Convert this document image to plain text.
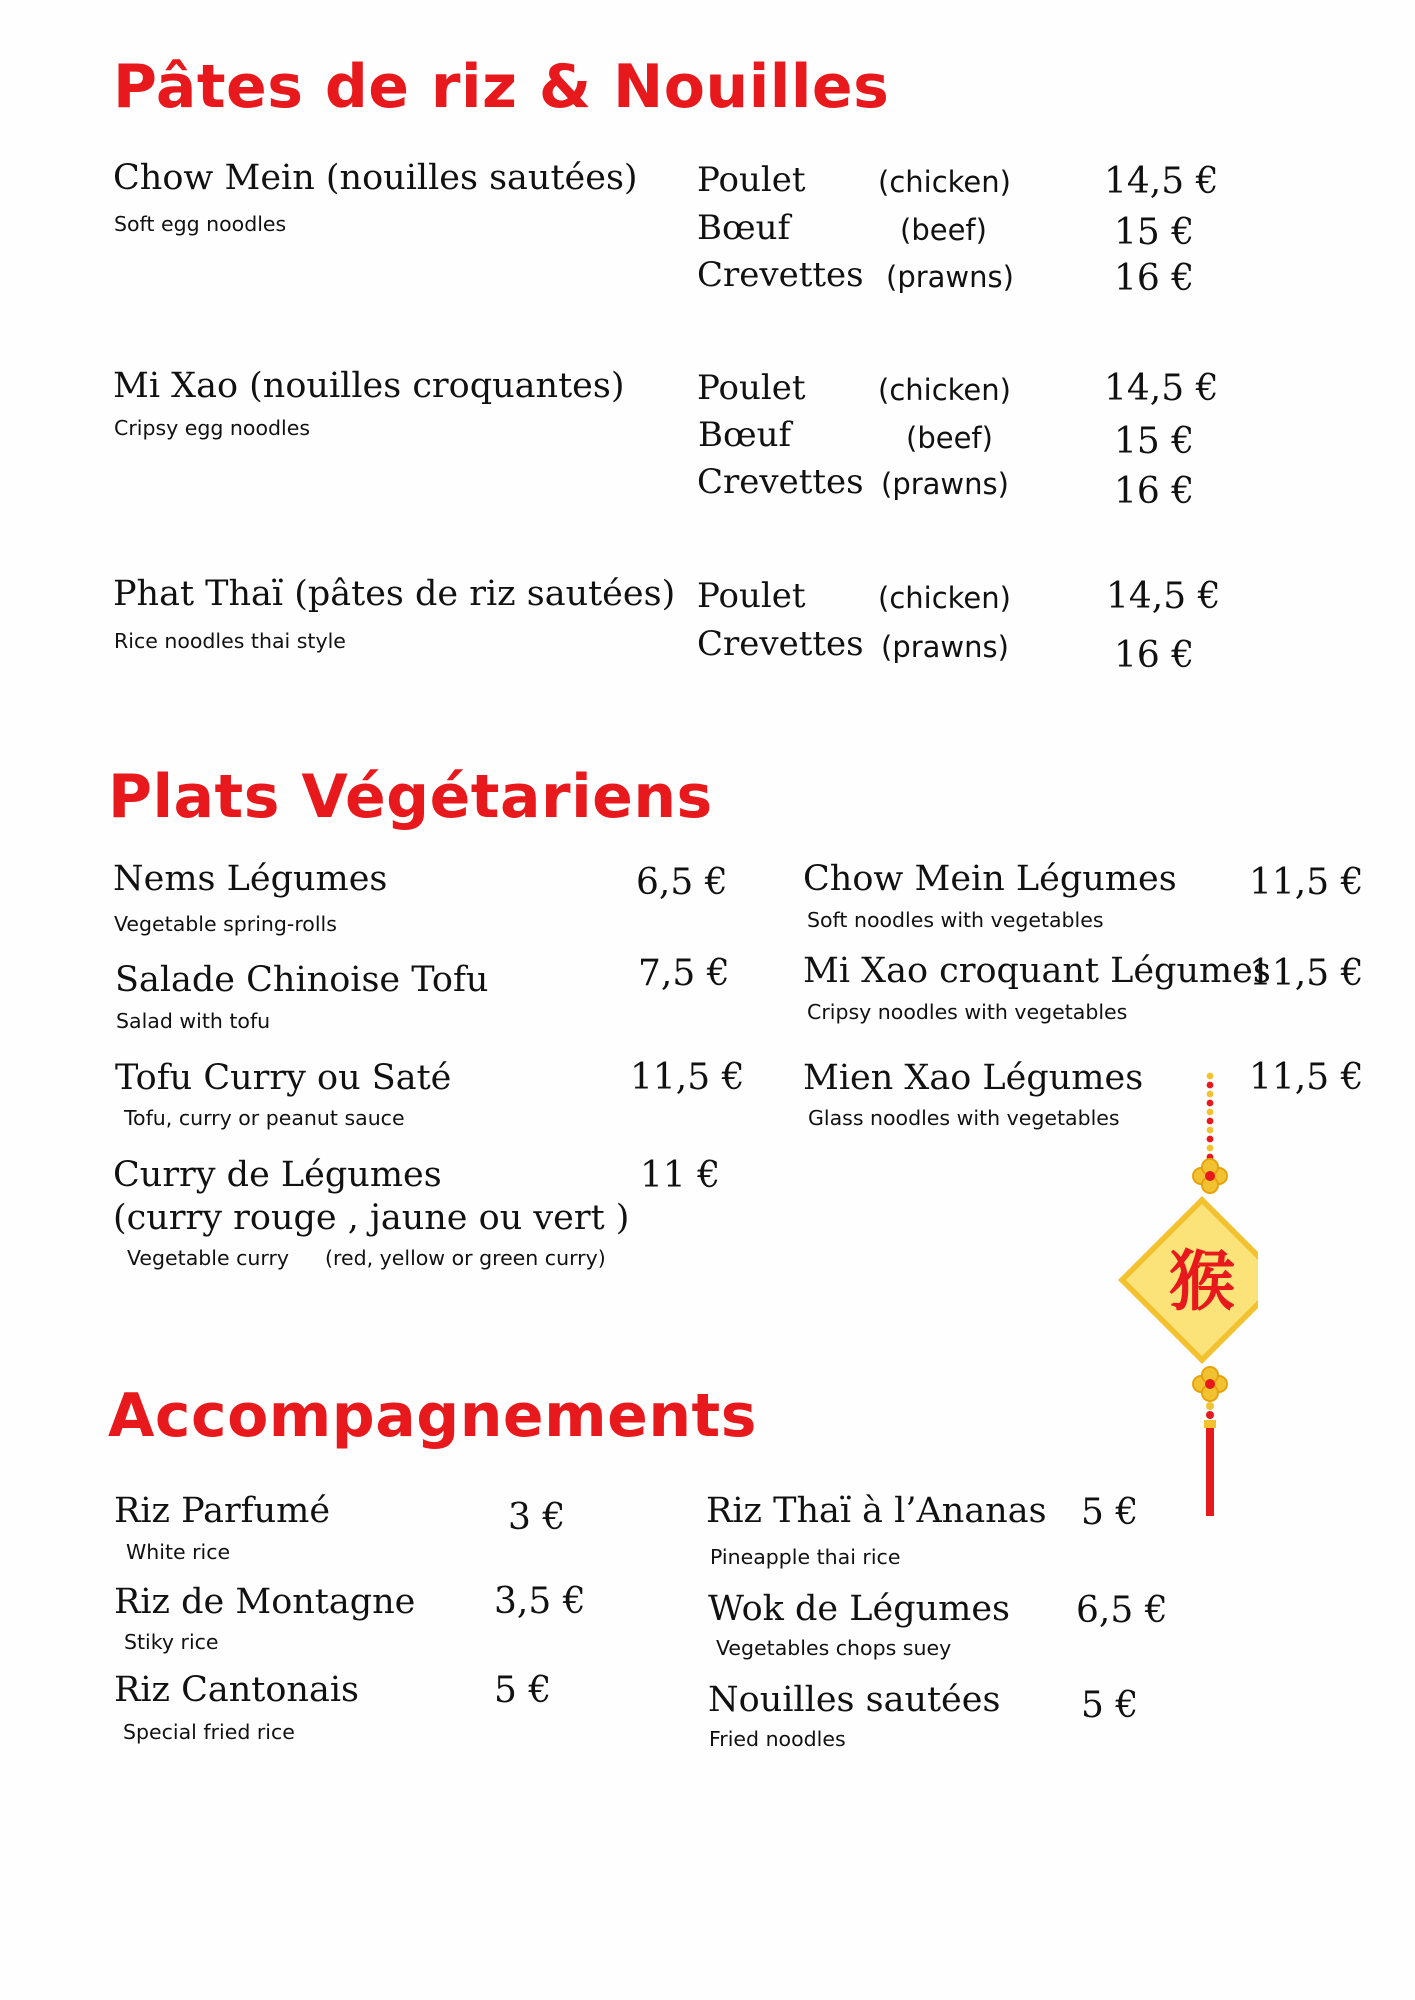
Pâtes de riz & Nouilles
Chow Mein (nouilles sautées)
Soft egg noodles
Poulet (chicken)	14,5 €
Bœuf	(beef)	15 €
Crevettes (prawns)	16 €
Mi Xao (nouilles croquantes)
Cripsy egg noodles
Poulet (chicken)	14,5 €
Bœuf	(beef)	15 €
Crevettes (prawns)	16 €
Phat Thaï (pâtes de riz sautées)
Rice noodles thai style
Poulet (chicken)	14,5 €
Crevettes (prawns)	16 €
Plats Végétariens
Nems Légumes
Vegetable spring-rolls
6,5 €
Salade Chinoise Tofu
Salad with tofu
7,5 €
Tofu Curry ou Saté
Tofu, curry or peanut sauce
11,5 €
Curry de Légumes
(curry rouge , jaune ou vert )
Vegetable curry (red, yellow or green curry)
11 €
Chow Mein Légumes
Soft noodles with vegetables
11,5 €
Mi Xao croquant Légumes
Cripsy noodles with vegetables
11,5 €
Mien Xao Légumes
Glass noodles with vegetables
11,5 €
猴
Accompagnements
Riz Parfumé
White rice
3 €
Riz de Montagne
Stiky rice
3,5 €
Riz Cantonais
Special fried rice
5 €
Riz Thaï à l’Ananas
Pineapple thai rice
5 €
Wok de Légumes
Vegetables chops suey
6,5 €
Nouilles sautées
Fried noodles
5 €
